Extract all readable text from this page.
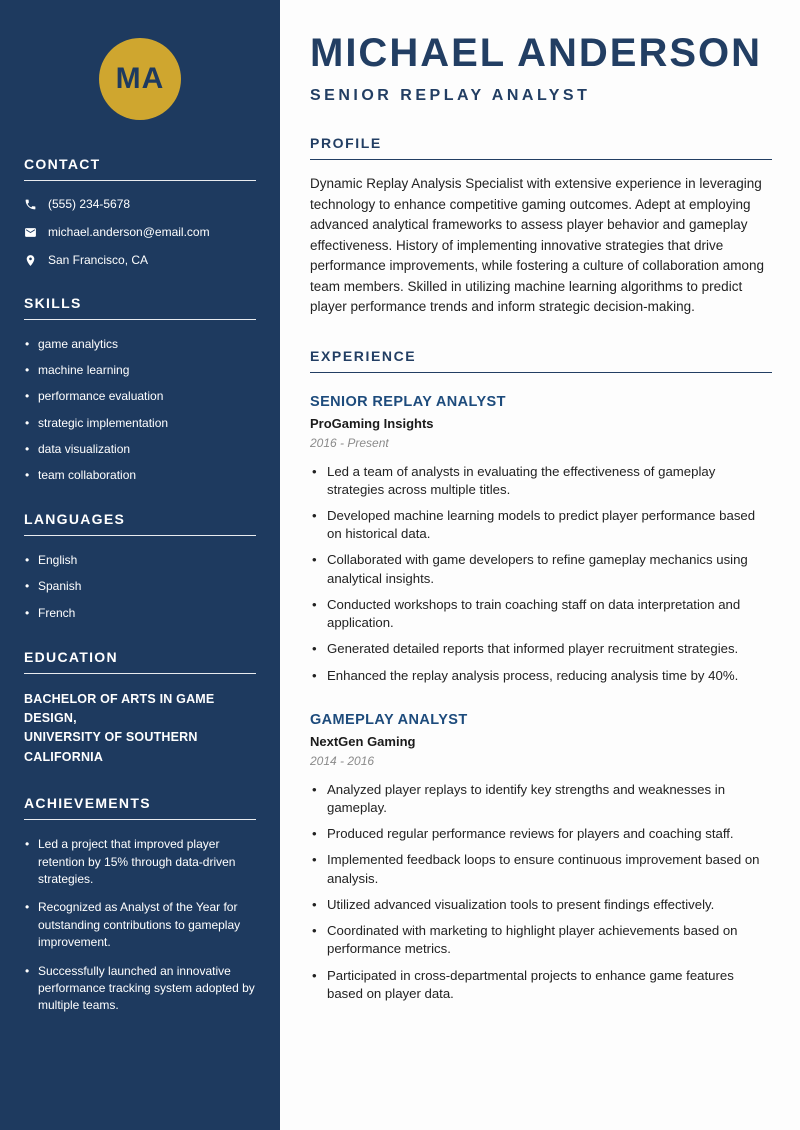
MA
CONTACT
(555) 234-5678
michael.anderson@email.com
San Francisco, CA
SKILLS
• game analytics
• machine learning
• performance evaluation
• strategic implementation
• data visualization
• team collaboration
LANGUAGES
• English
• Spanish
• French
EDUCATION
BACHELOR OF ARTS IN GAME DESIGN,
UNIVERSITY OF SOUTHERN CALIFORNIA
ACHIEVEMENTS
• Led a project that improved player retention by 15% through data-driven strategies.
• Recognized as Analyst of the Year for outstanding contributions to gameplay improvement.
• Successfully launched an innovative performance tracking system adopted by multiple teams.
MICHAEL ANDERSON
SENIOR REPLAY ANALYST
PROFILE

Dynamic Replay Analysis Specialist with extensive experience in leveraging technology to enhance competitive gaming outcomes. Adept at employing advanced analytical frameworks to assess player behavior and gameplay effectiveness. History of implementing innovative strategies that drive performance improvements, while fostering a culture of collaboration among team members. Skilled in utilizing machine learning algorithms to predict player performance trends and inform strategic decision-making.

EXPERIENCE
SENIOR REPLAY ANALYST
ProGaming Insights
2016 - Present
• Led a team of analysts in evaluating the effectiveness of gameplay strategies across multiple titles.
• Developed machine learning models to predict player performance based on historical data.
• Collaborated with game developers to refine gameplay mechanics using analytical insights.
• Conducted workshops to train coaching staff on data interpretation and application.
• Generated detailed reports that informed player recruitment strategies.
• Enhanced the replay analysis process, reducing analysis time by 40%.
GAMEPLAY ANALYST
NextGen Gaming
2014 - 2016
• Analyzed player replays to identify key strengths and weaknesses in gameplay.
• Produced regular performance reviews for players and coaching staff.
• Implemented feedback loops to ensure continuous improvement based on analysis.
• Utilized advanced visualization tools to present findings effectively.
• Coordinated with marketing to highlight player achievements based on performance metrics.
• Participated in cross-departmental projects to enhance game features based on player data.
